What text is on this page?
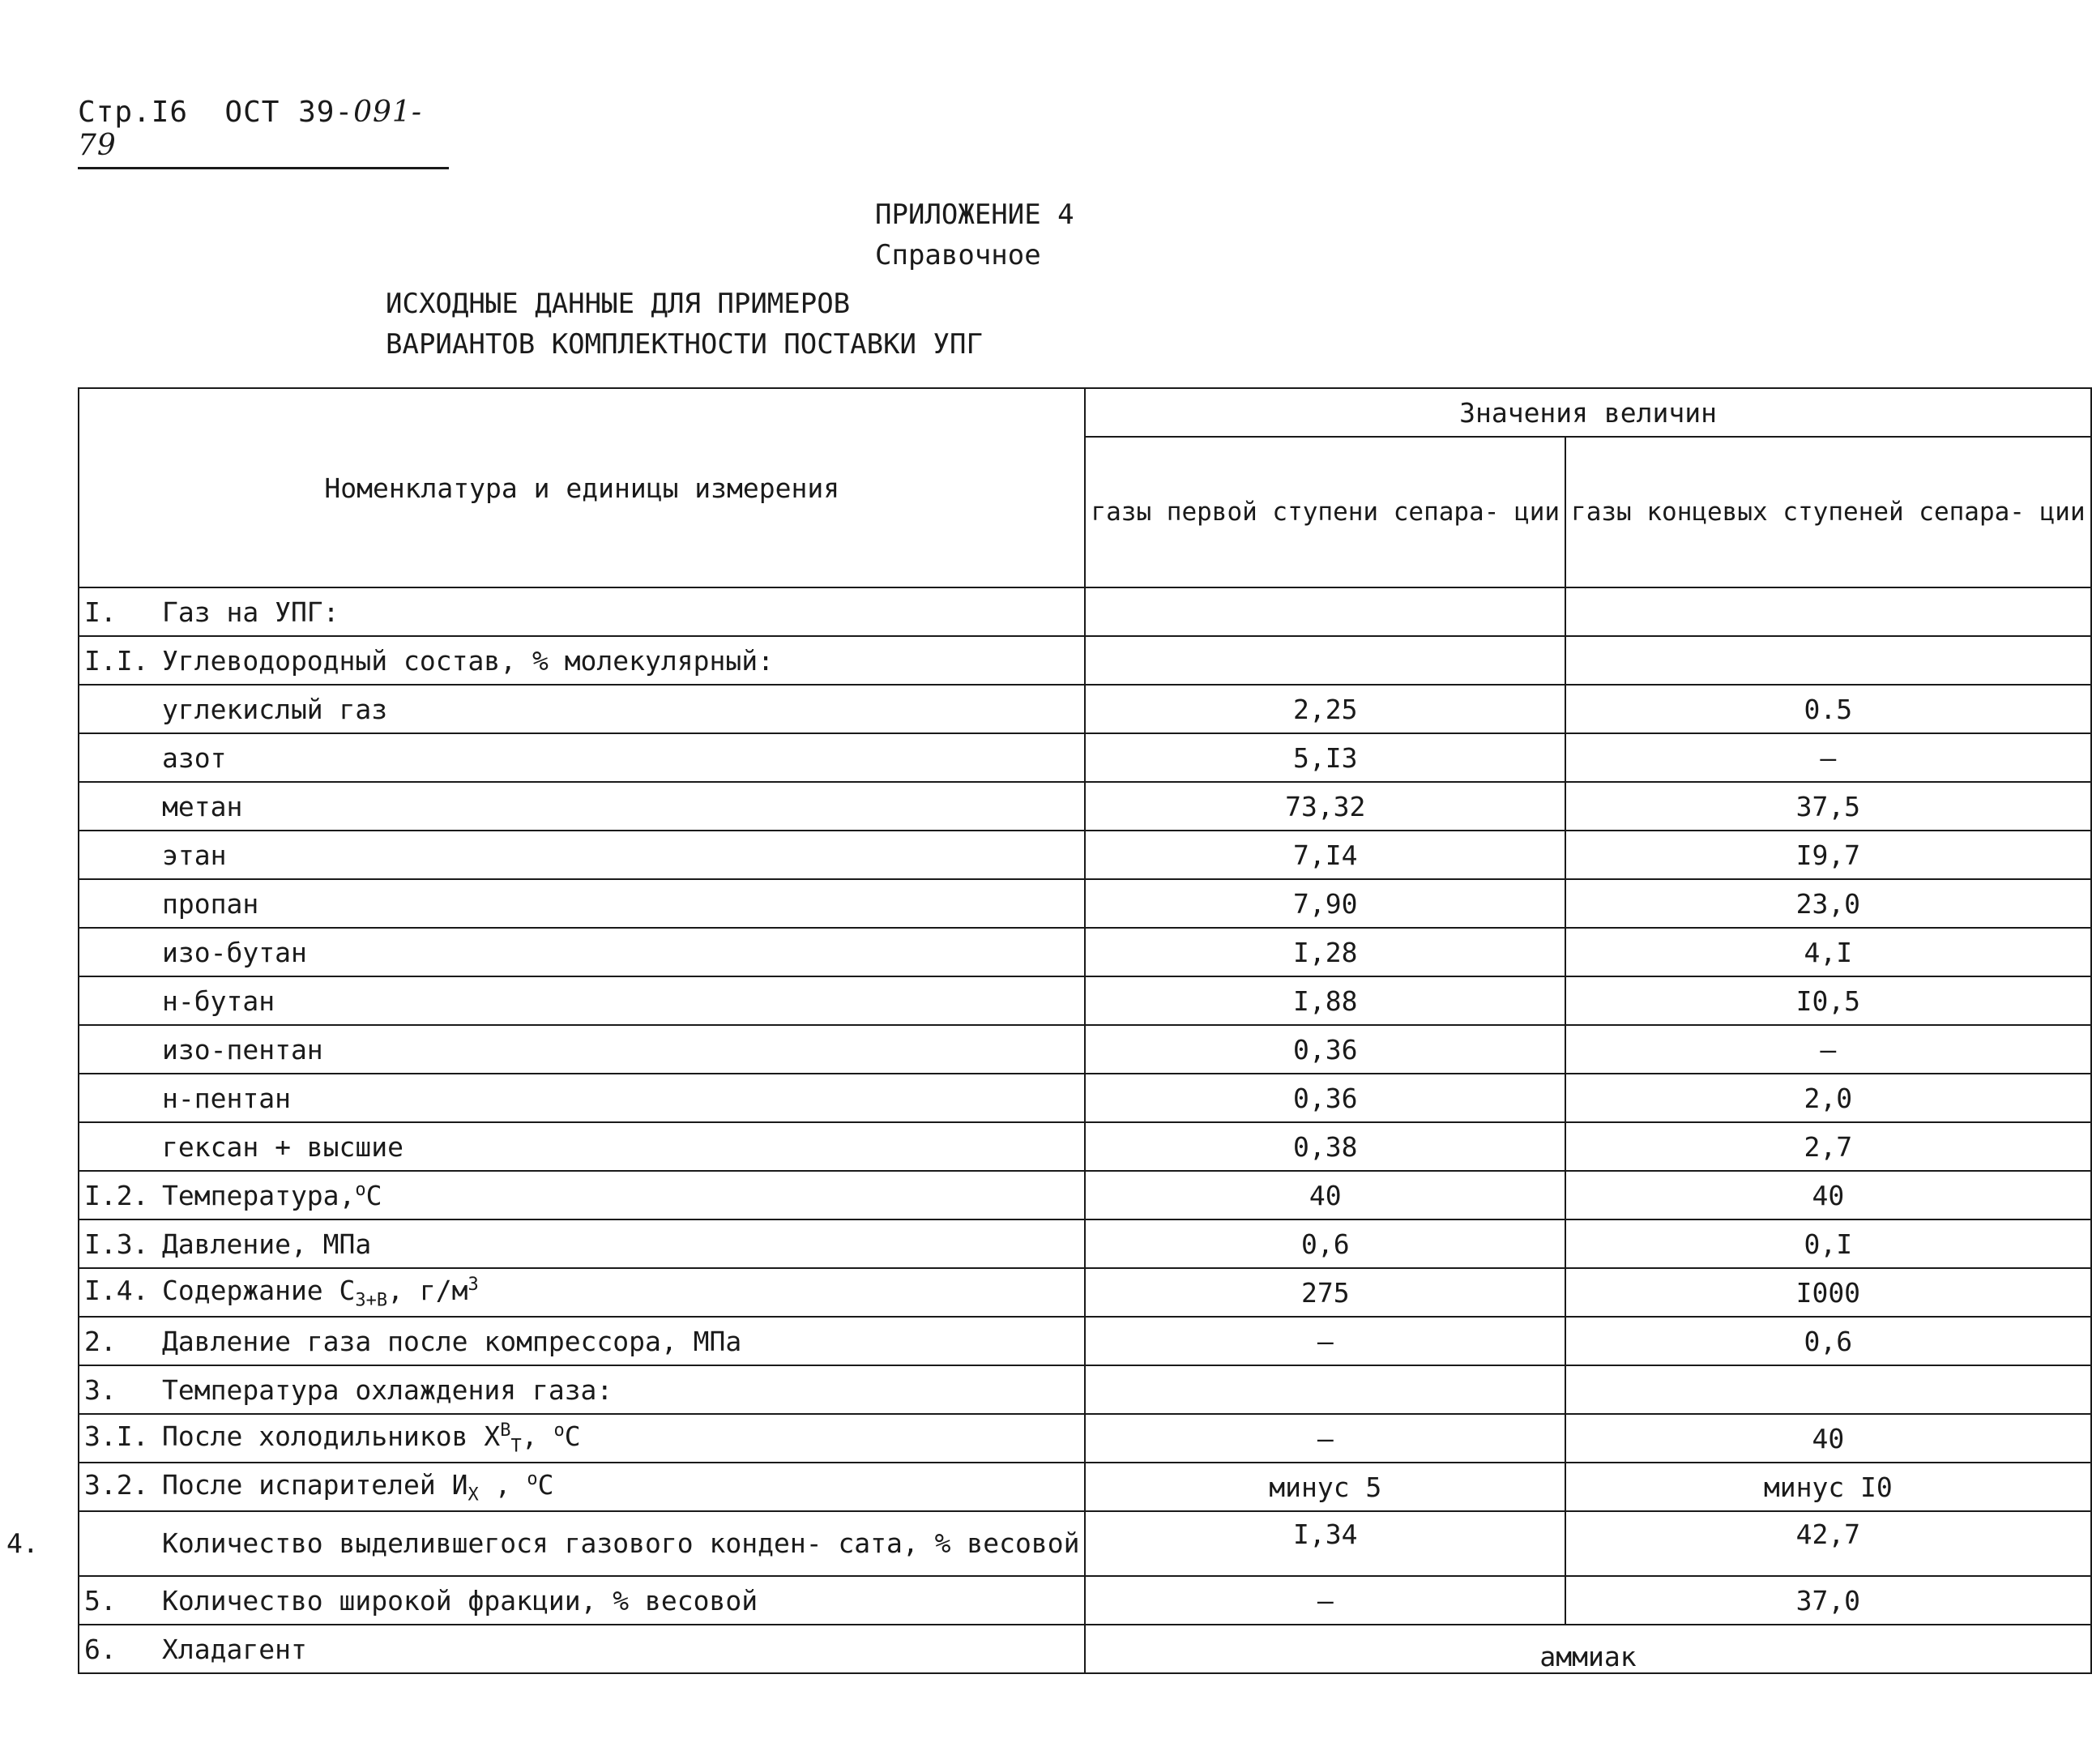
Стр.I6 ОСТ 39-091-79
ПРИЛОЖЕНИЕ 4
Справочное
ИСХОДНЫЕ ДАННЫЕ ДЛЯ ПРИМЕРОВ
ВАРИАНТОВ КОМПЛЕКТНОСТИ ПОСТАВКИ УПГ
Номенклатура и единицы измерения	Значения величин	
	газы первой ступени сепара- ции	газы концевых ступеней сепара- ции
I. Газ на УПГ:		
I.I. Углеводородный состав, % молекулярный:		
углекислый газ	2,25	0.5
азот	5,I3	–
метан	73,32	37,5
этан	7,I4	I9,7
пропан	7,90	23,0
изо-бутан	I,28	4,I
н-бутан	I,88	I0,5
изо-пентан	0,36	–
н-пентан	0,36	2,0
гексан + высшие	0,38	2,7
I.2. Температура,$^o$C	40	40
I.3. Давление, МПа	0,6	0,I
I.4. Содержание $C_{3+В}$, $г/м^3$	275	I000
2. Давление газа после компрессора, МПа	–	0,6
3. Температура охлаждения газа:		
3.I. После холодильников $X^В_Т$, $^o$C	–	40
3.2. После испарителей $И_Х$ , $^o$C	минус 5	минус I0
4. Количество выделившегося газового конден- сата, % весовой	I,34	42,7
5. Количество широкой фракции, % весовой	–	37,0
6. Хладагент	аммиак	
